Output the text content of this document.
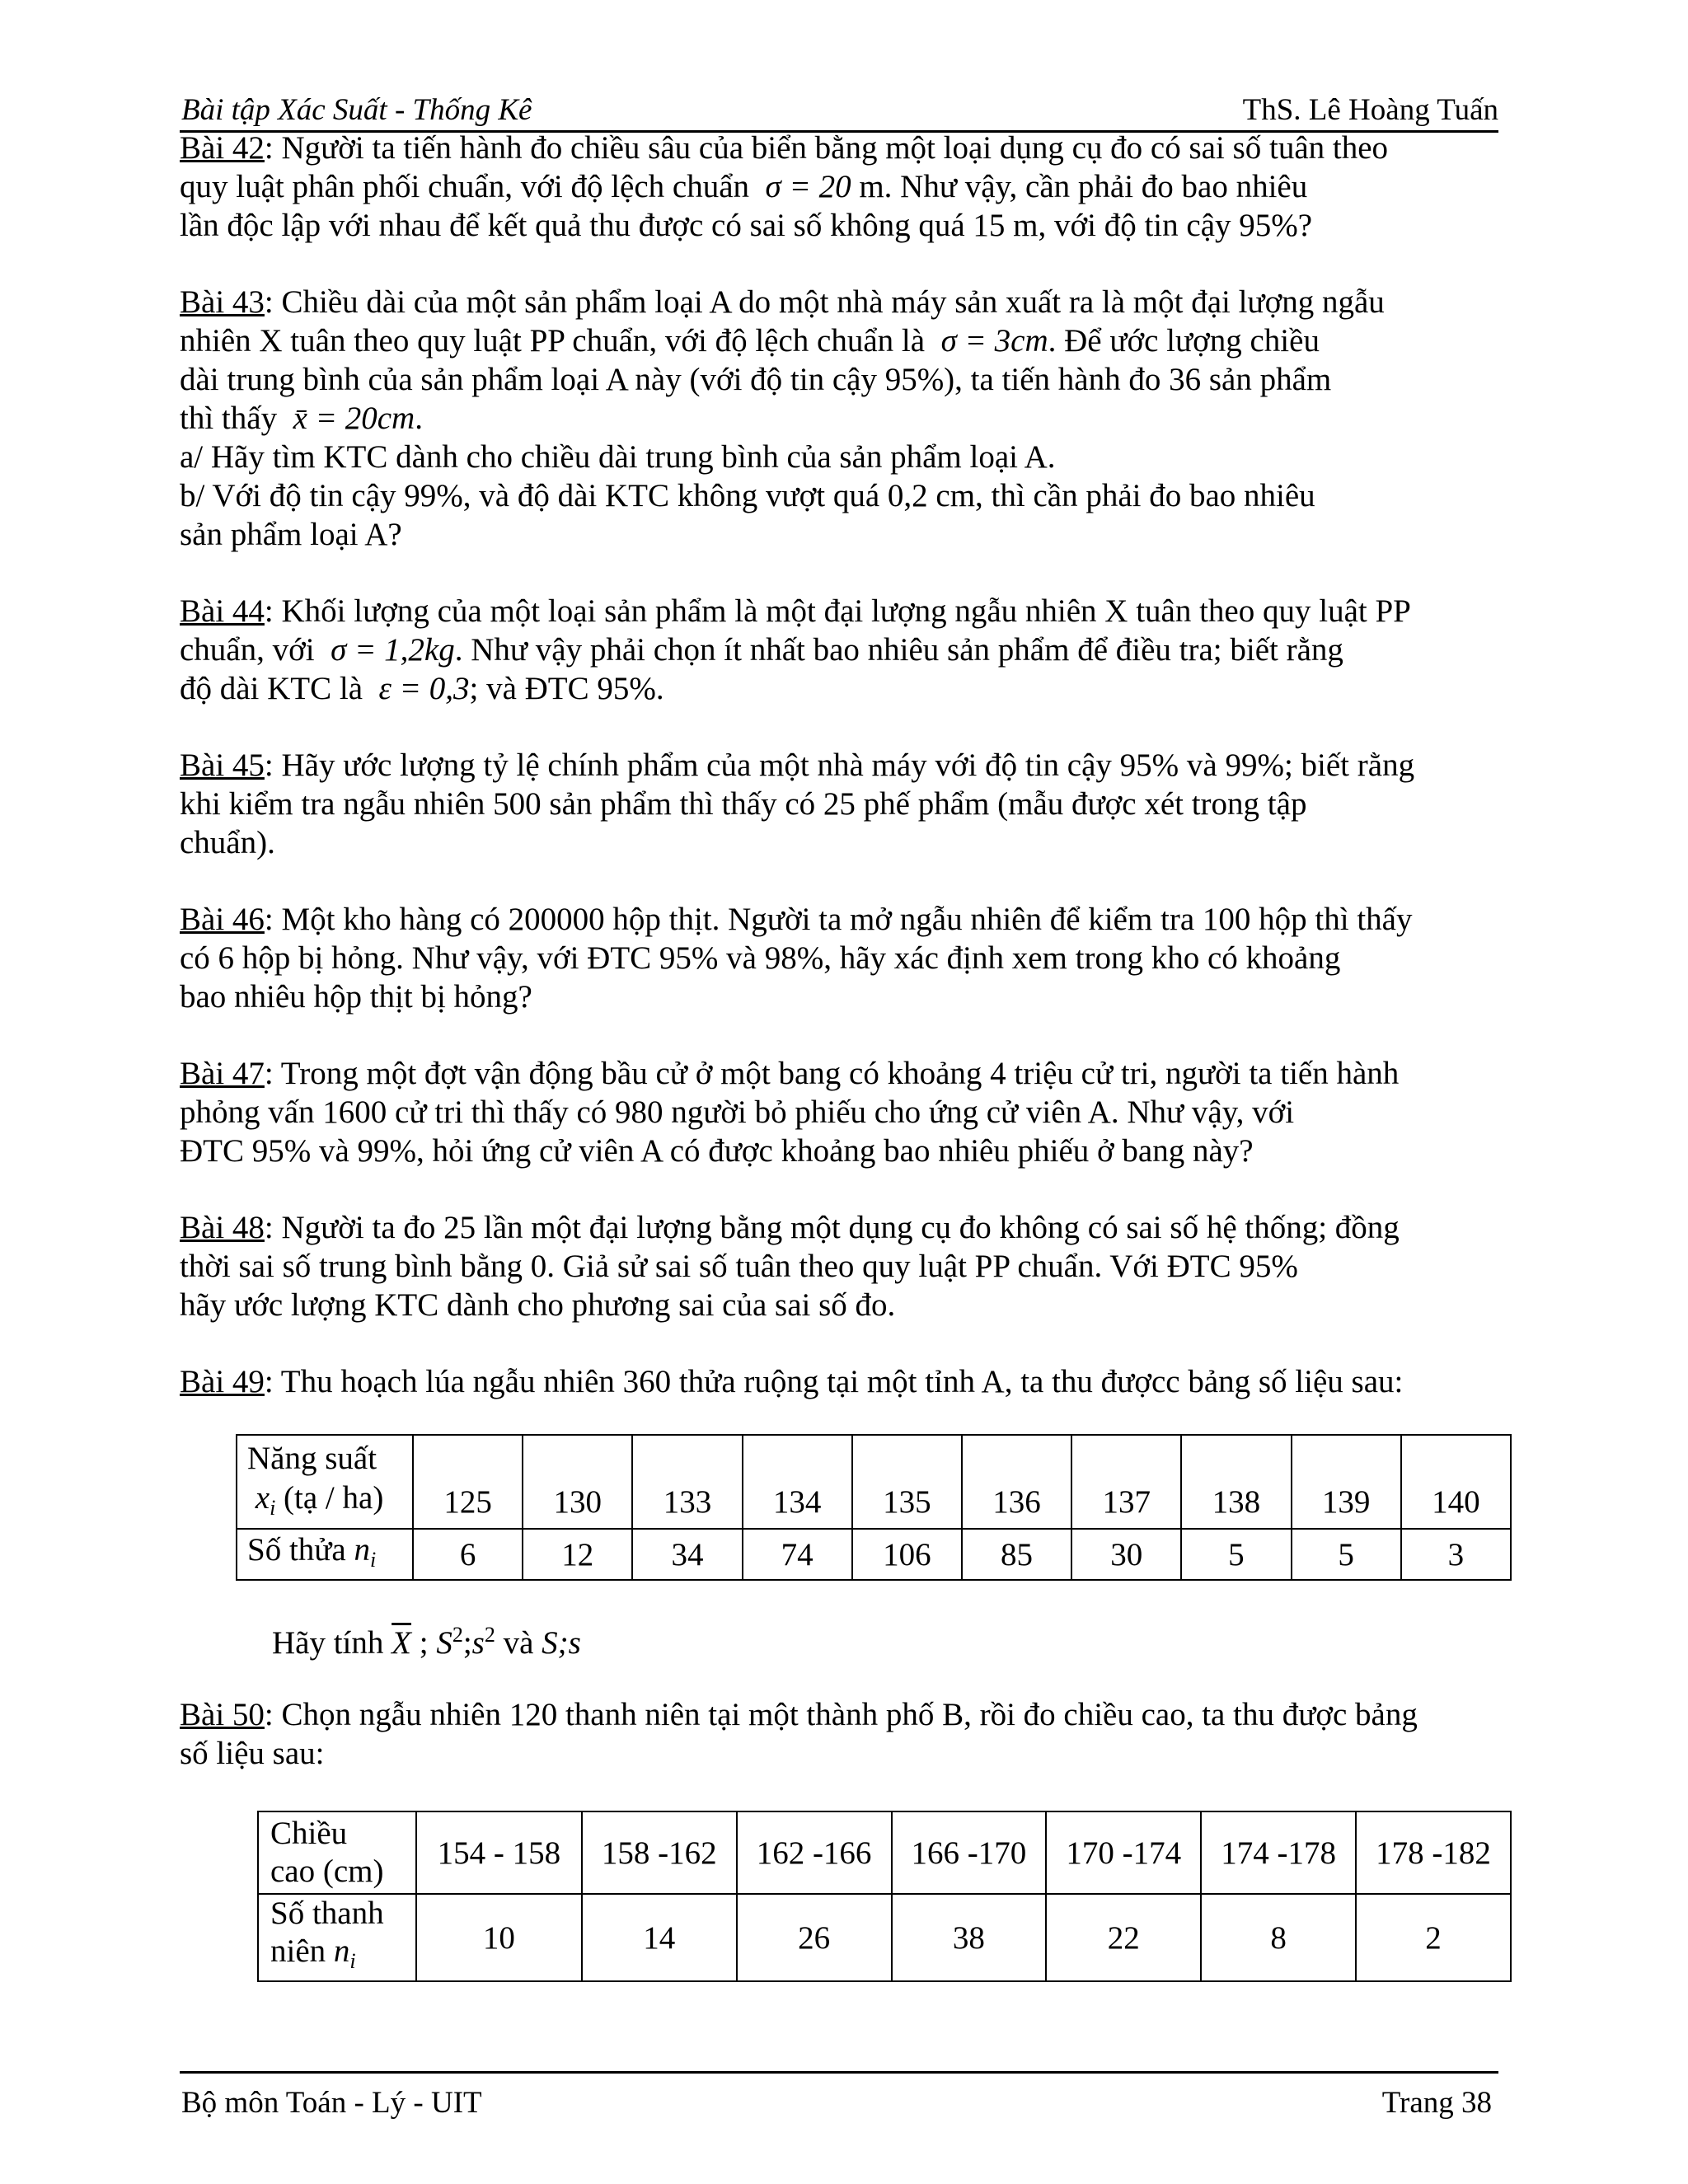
Bài tập Xác Suất - Thống Kê	ThS. Lê Hoàng Tuấn

Bài 42: Người ta tiến hành đo chiều sâu của biển bằng một loại dụng cụ đo có sai số tuân theo
quy luật phân phối chuẩn, với độ lệch chuẩn σ = 20 m. Như vậy, cần phải đo bao nhiêu
lần độc lập với nhau để kết quả thu được có sai số không quá 15 m, với độ tin cậy 95%?

Bài 43: Chiều dài của một sản phẩm loại A do một nhà máy sản xuất ra là một đại lượng ngẫu
nhiên X tuân theo quy luật PP chuẩn, với độ lệch chuẩn là σ = 3cm. Để ước lượng chiều
dài trung bình của sản phẩm loại A này (với độ tin cậy 95%), ta tiến hành đo 36 sản phẩm
thì thấy x̄ = 20cm.
a/ Hãy tìm KTC dành cho chiều dài trung bình của sản phẩm loại A.
b/ Với độ tin cậy 99%, và độ dài KTC không vượt quá 0,2 cm, thì cần phải đo bao nhiêu
sản phẩm loại A?

Bài 44: Khối lượng của một loại sản phẩm là một đại lượng ngẫu nhiên X tuân theo quy luật PP
chuẩn, với σ = 1,2kg. Như vậy phải chọn ít nhất bao nhiêu sản phẩm để điều tra; biết rằng
độ dài KTC là ε = 0,3; và ĐTC 95%.

Bài 45: Hãy ước lượng tỷ lệ chính phẩm của một nhà máy với độ tin cậy 95% và 99%; biết rằng
khi kiểm tra ngẫu nhiên 500 sản phẩm thì thấy có 25 phế phẩm (mẫu được xét trong tập
chuẩn).

Bài 46: Một kho hàng có 200000 hộp thịt. Người ta mở ngẫu nhiên để kiểm tra 100 hộp thì thấy
có 6 hộp bị hỏng. Như vậy, với ĐTC 95% và 98%, hãy xác định xem trong kho có khoảng
bao nhiêu hộp thịt bị hỏng?

Bài 47: Trong một đợt vận động bầu cử ở một bang có khoảng 4 triệu cử tri, người ta tiến hành
phỏng vấn 1600 cử tri thì thấy có 980 người bỏ phiếu cho ứng cử viên A. Như vậy, với
ĐTC 95% và 99%, hỏi ứng cử viên A có được khoảng bao nhiêu phiếu ở bang này?

Bài 48: Người ta đo 25 lần một đại lượng bằng một dụng cụ đo không có sai số hệ thống; đồng
thời sai số trung bình bằng 0. Giả sử sai số tuân theo quy luật PP chuẩn. Với ĐTC 95%
hãy ước lượng KTC dành cho phương sai của sai số đo.

Bài 49: Thu hoạch lúa ngẫu nhiên 360 thửa ruộng tại một tỉnh A, ta thu đượcc bảng số liệu sau:

Năng suất
$x_i$ (tạ / ha)	125	130	133	134	135	136	137	138	139	140
Số thửa $n_i$	6	12	34	74	106	85	30	5	5	3
Hãy tính $\overline{X}$ ; $S^2;s^2$ và S;s

Bài 50: Chọn ngẫu nhiên 120 thanh niên tại một thành phố B, rồi đo chiều cao, ta thu được bảng
số liệu sau:

Chiều
cao (cm)	154 - 158	158 -162	162 -166	166 -170	170 -174	174 -178	178 -182

Số thanh
niên $n_i$	10	14	26	38	22	8	2
Bộ môn Toán - Lý - UIT	Trang 38
